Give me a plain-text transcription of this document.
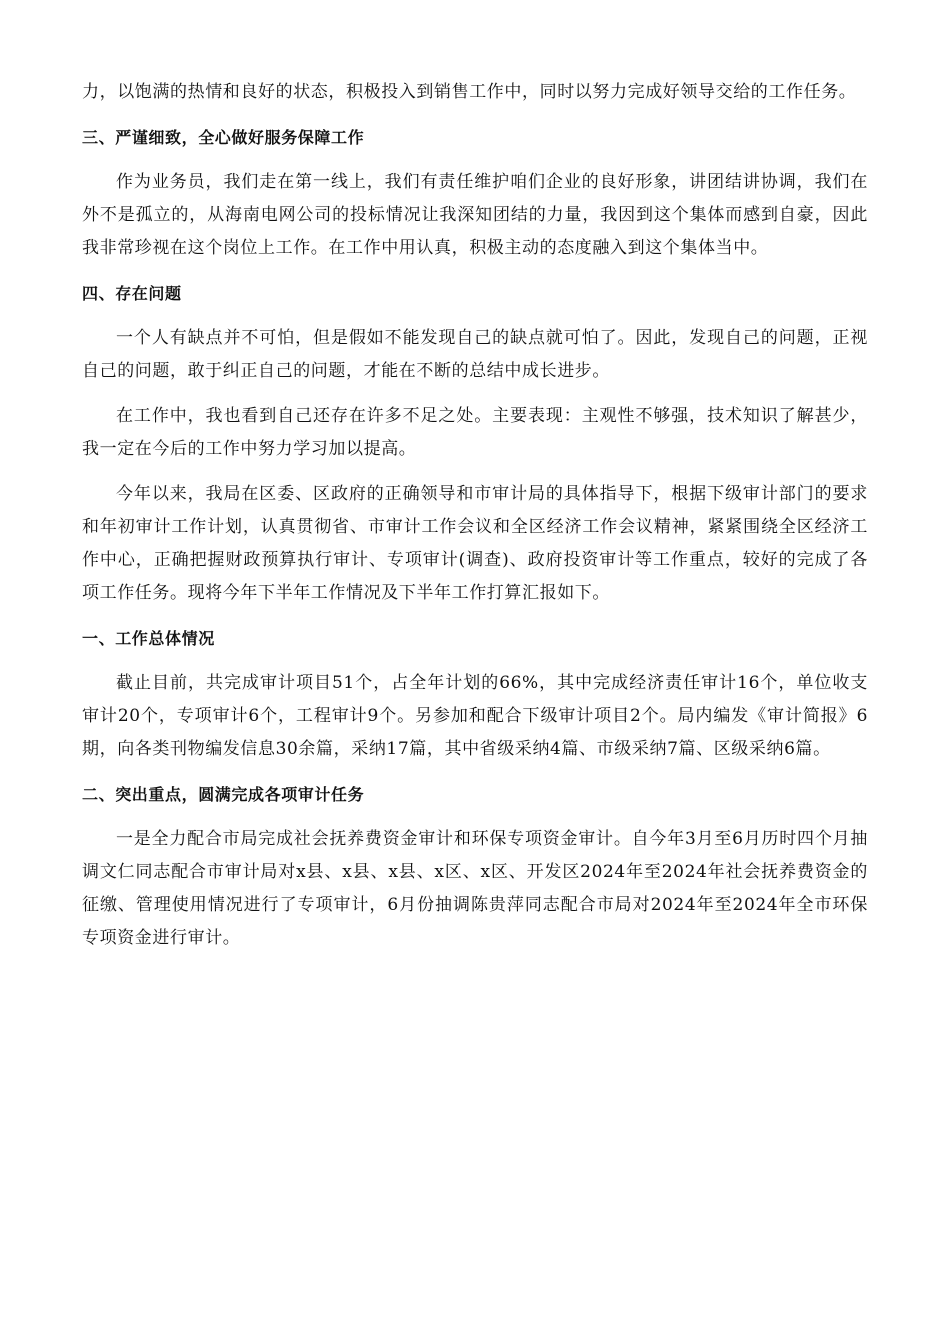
力，以饱满的热情和良好的状态，积极投入到销售工作中，同时以努力完成好领导交给的工作任务。

三、严谨细致，全心做好服务保障工作

作为业务员，我们走在第一线上，我们有责任维护咱们企业的良好形象，讲团结讲协调，我们在外不是孤立的，从海南电网公司的投标情况让我深知团结的力量，我因到这个集体而感到自豪，因此我非常珍视在这个岗位上工作。在工作中用认真，积极主动的态度融入到这个集体当中。

四、存在问题

一个人有缺点并不可怕，但是假如不能发现自己的缺点就可怕了。因此，发现自己的问题，正视自己的问题，敢于纠正自己的问题，才能在不断的总结中成长进步。

在工作中，我也看到自己还存在许多不足之处。主要表现：主观性不够强，技术知识了解甚少，我一定在今后的工作中努力学习加以提高。

今年以来，我局在区委、区政府的正确领导和市审计局的具体指导下，根据下级审计部门的要求和年初审计工作计划，认真贯彻省、市审计工作会议和全区经济工作会议精神，紧紧围绕全区经济工作中心，正确把握财政预算执行审计、专项审计(调查)、政府投资审计等工作重点，较好的完成了各项工作任务。现将今年下半年工作情况及下半年工作打算汇报如下。

一、工作总体情况

截止目前，共完成审计项目51个，占全年计划的66%，其中完成经济责任审计16个，单位收支审计20个，专项审计6个，工程审计9个。另参加和配合下级审计项目2个。局内编发《审计简报》6期，向各类刊物编发信息30余篇，采纳17篇，其中省级采纳4篇、市级采纳7篇、区级采纳6篇。

二、突出重点，圆满完成各项审计任务

一是全力配合市局完成社会抚养费资金审计和环保专项资金审计。自今年3月至6月历时四个月抽调文仁同志配合市审计局对x县、x县、x县、x区、x区、开发区2024年至2024年社会抚养费资金的征缴、管理使用情况进行了专项审计，6月份抽调陈贵萍同志配合市局对2024年至2024年全市环保专项资金进行审计。
